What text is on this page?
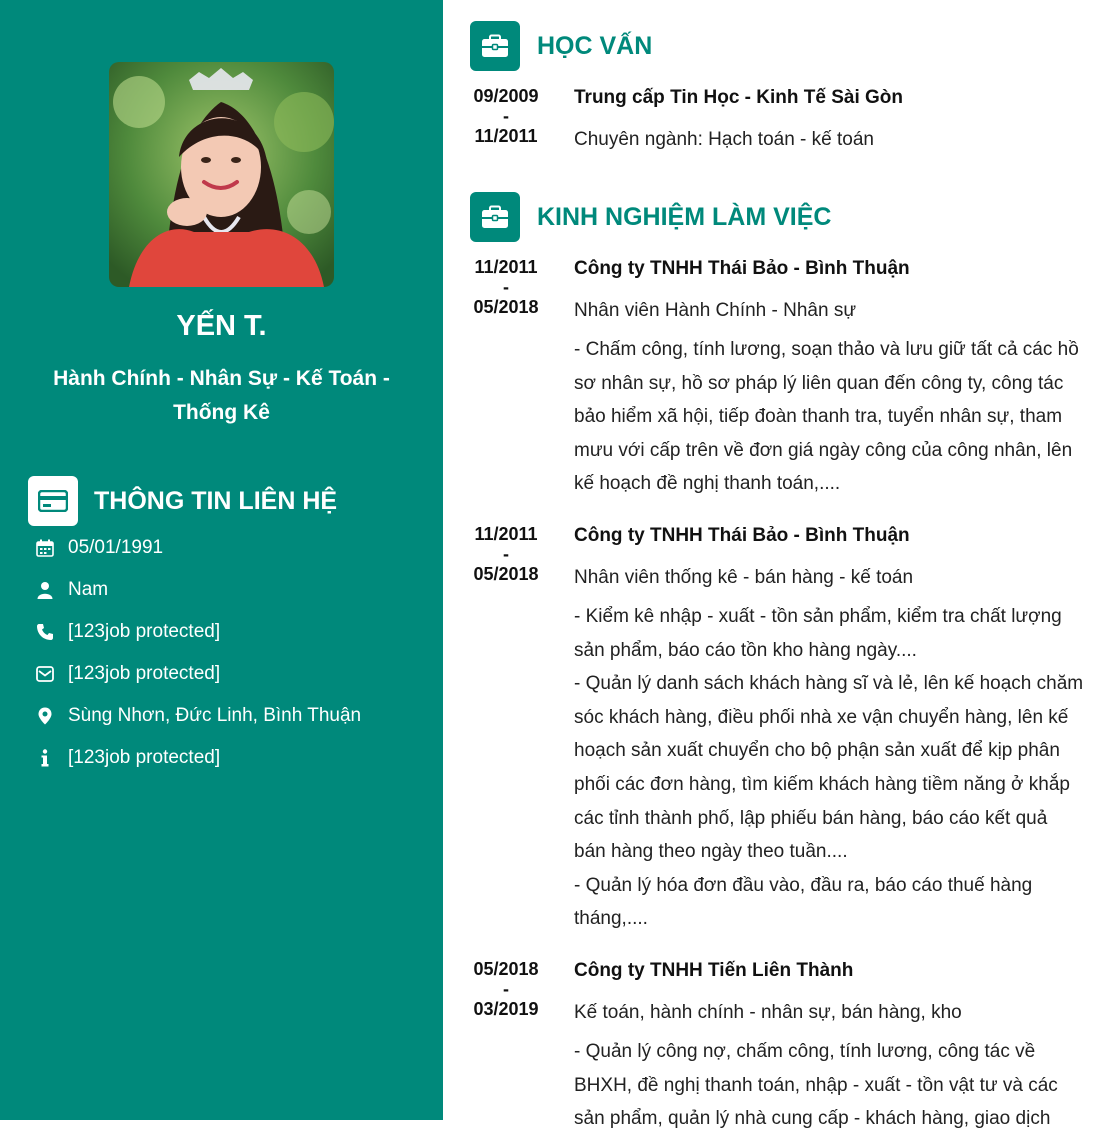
YẾN T.

Hành Chính - Nhân Sự - Kế Toán - Thống Kê

THÔNG TIN LIÊN HỆ
05/01/1991
Nam
[123job protected]
[123job protected]
Sùng Nhơn, Đức Linh, Bình Thuận
[123job protected]
HỌC VẤN
09/2009
-
11/2011

Trung cấp Tin Học - Kinh Tế Sài Gòn

Chuyên ngành: Hạch toán - kế toán

KINH NGHIỆM LÀM VIỆC
11/2011
-
05/2018

Công ty TNHH Thái Bảo - Bình Thuận

Nhân viên Hành Chính - Nhân sự

- Chấm công, tính lương, soạn thảo và lưu giữ tất cả các hồ sơ nhân sự, hồ sơ pháp lý liên quan đến công ty, công tác bảo hiểm xã hội, tiếp đoàn thanh tra, tuyển nhân sự, tham mưu với cấp trên về đơn giá ngày công của công nhân, lên kế hoạch đề nghị thanh toán,....

11/2011
-
05/2018

Công ty TNHH Thái Bảo - Bình Thuận

Nhân viên thống kê - bán hàng - kế toán

- Kiểm kê nhập - xuất - tồn sản phẩm, kiểm tra chất lượng sản phẩm, báo cáo tồn kho hàng ngày....

- Quản lý danh sách khách hàng sĩ và lẻ, lên kế hoạch chăm sóc khách hàng, điều phối nhà xe vận chuyển hàng, lên kế hoạch sản xuất chuyển cho bộ phận sản xuất để kịp phân phối các đơn hàng, tìm kiếm khách hàng tiềm năng ở khắp các tỉnh thành phố, lập phiếu bán hàng, báo cáo kết quả bán hàng theo ngày theo tuần....

- Quản lý hóa đơn đầu vào, đầu ra, báo cáo thuế hàng tháng,....

05/2018
-
03/2019

Công ty TNHH Tiến Liên Thành

Kế toán, hành chính - nhân sự, bán hàng, kho

- Quản lý công nợ, chấm công, tính lương, công tác về BHXH, đề nghị thanh toán, nhập - xuất - tồn vật tư và các sản phẩm, quản lý nhà cung cấp - khách hàng, giao dịch
